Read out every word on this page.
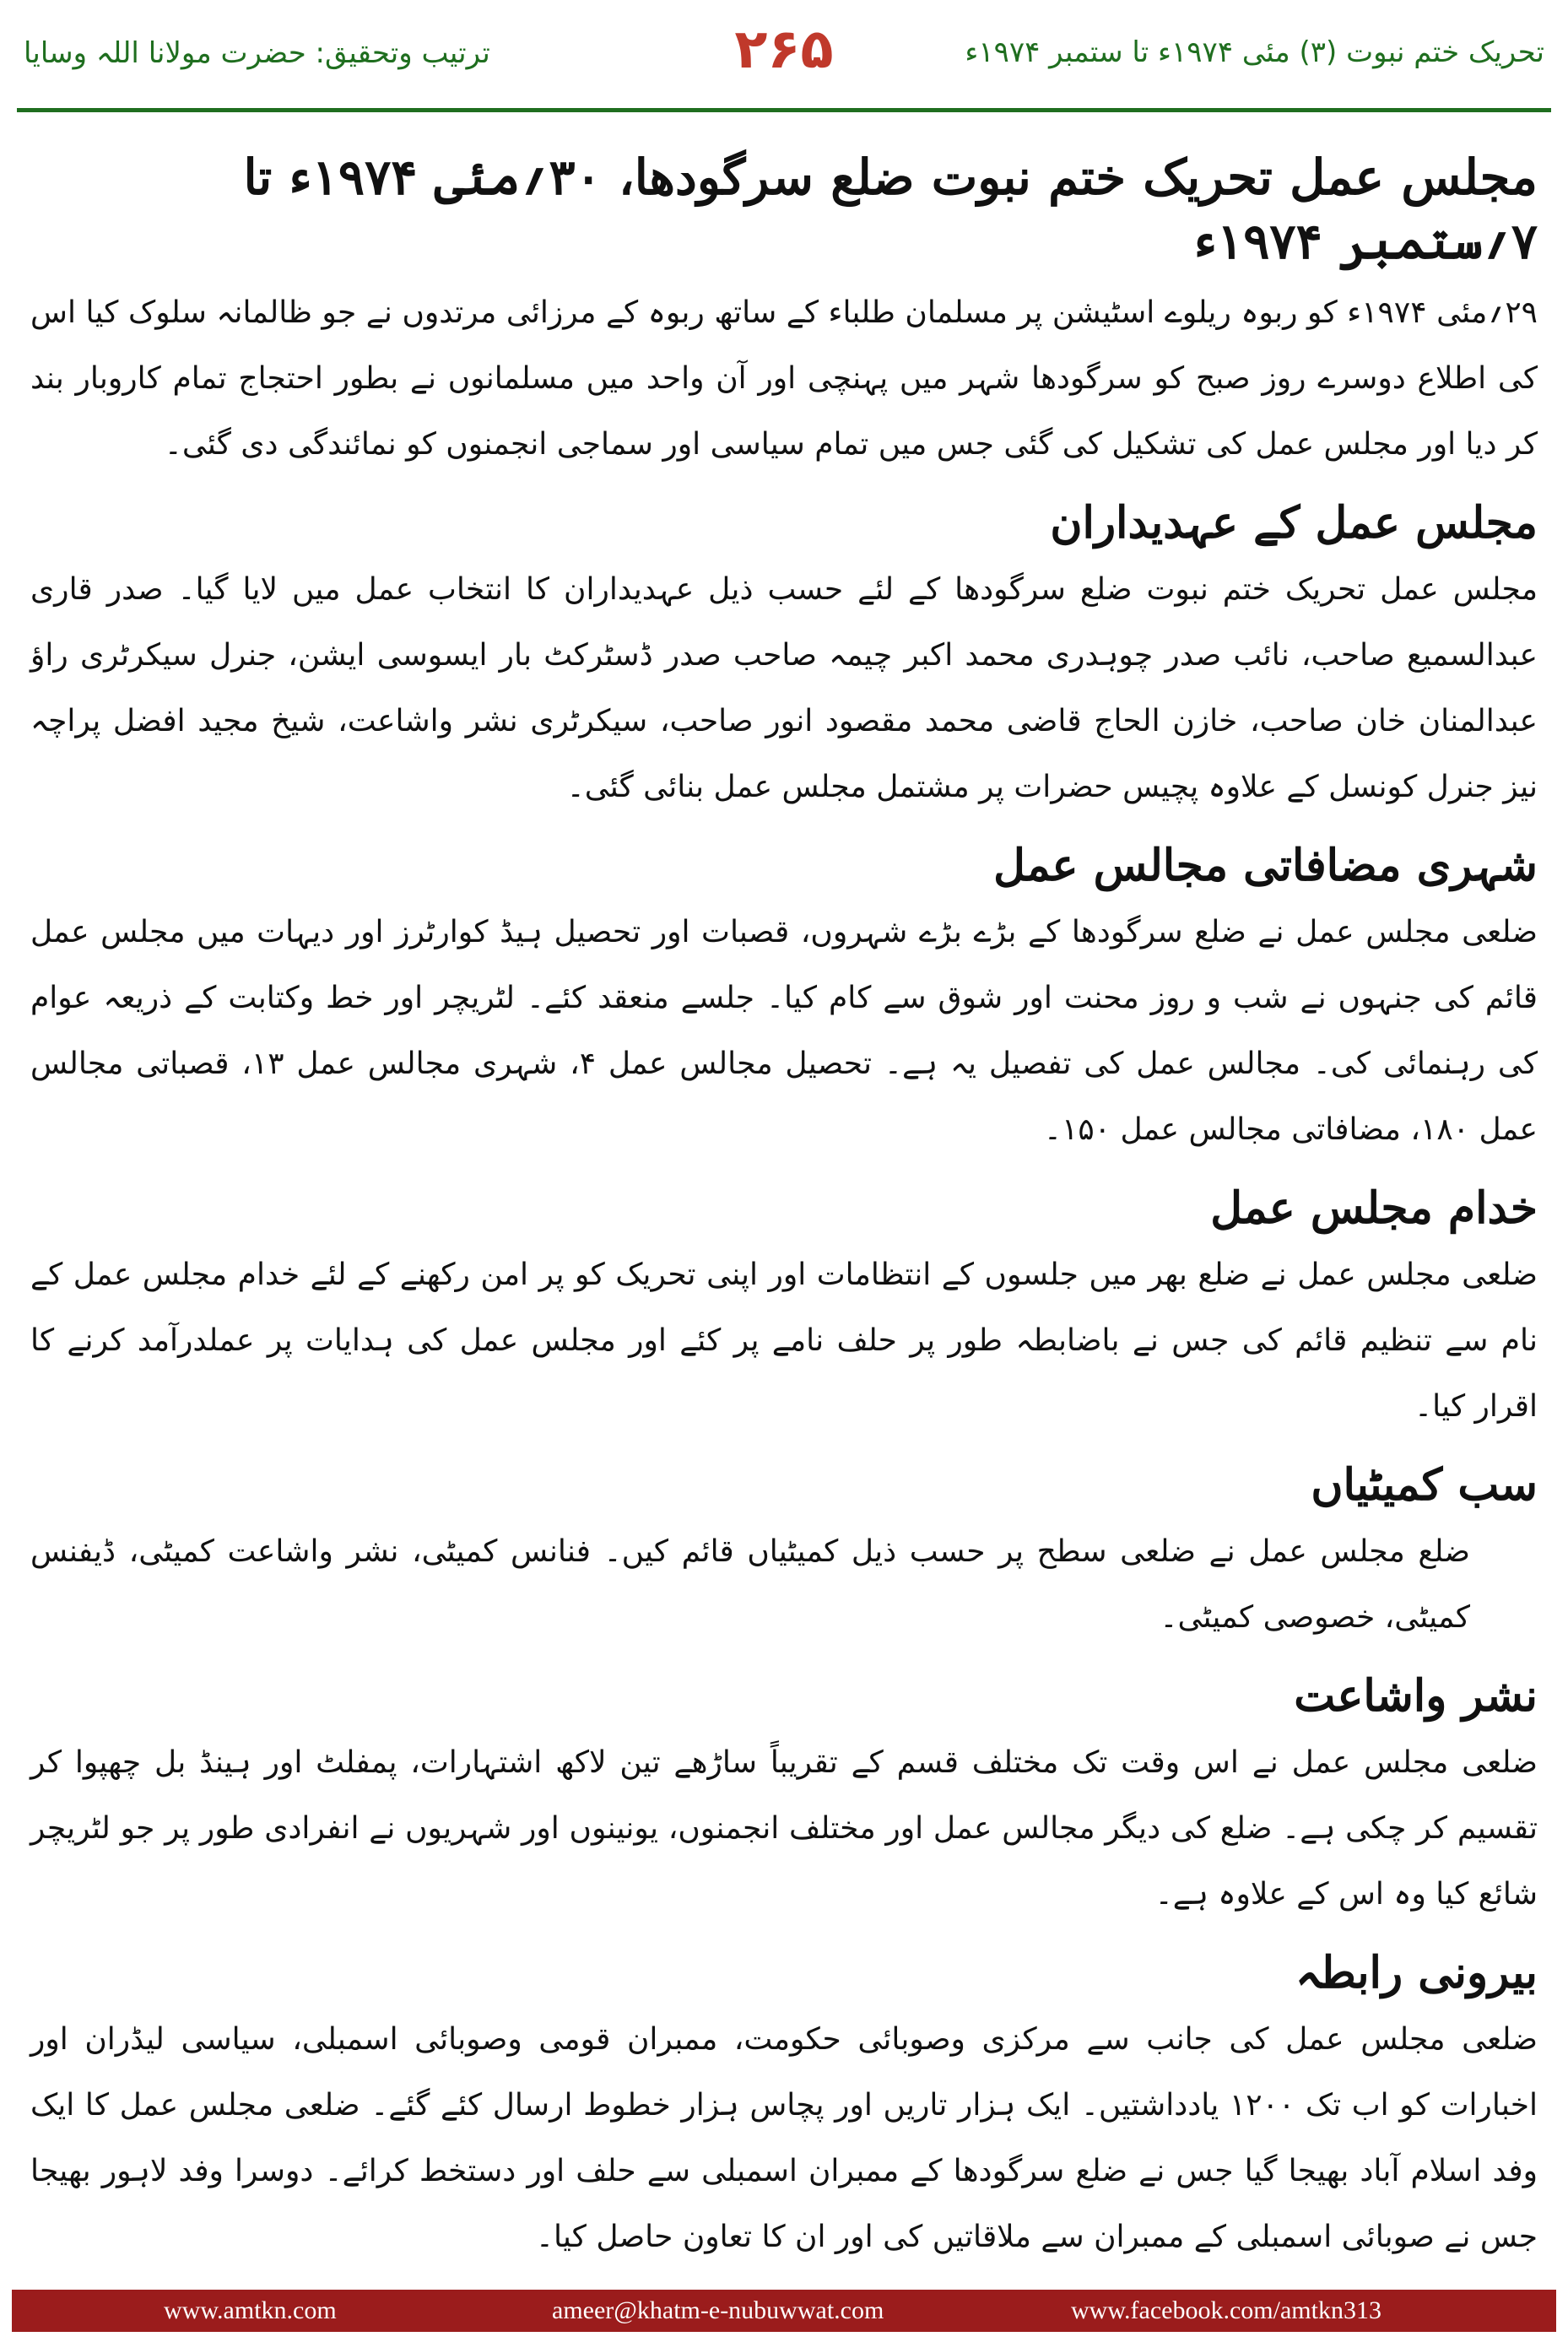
ترتیب وتحقیق: حضرت مولانا اللہ وسایا	۲۶۵	تحریک ختم نبوت (۳) مئی ۱۹۷۴ء تا ستمبر ۱۹۷۴ء
مجلس عمل تحریک ختم نبوت ضلع سرگودھا، ۳۰؍مئی ۱۹۷۴ء تا ۷؍ستمبر ۱۹۷۴ء

۲۹؍مئی ۱۹۷۴ء کو ربوہ ریلوے اسٹیشن پر مسلمان طلباء کے ساتھ ربوہ کے مرزائی مرتدوں نے جو ظالمانہ سلوک کیا اس کی اطلاع دوسرے روز صبح کو سرگودھا شہر میں پہنچی اور آن واحد میں مسلمانوں نے بطور احتجاج تمام کاروبار بند کر دیا اور مجلس عمل کی تشکیل کی گئی جس میں تمام سیاسی اور سماجی انجمنوں کو نمائندگی دی گئی۔

مجلس عمل کے عہدیداران

مجلس عمل تحریک ختم نبوت ضلع سرگودھا کے لئے حسب ذیل عہدیداران کا انتخاب عمل میں لایا گیا۔ صدر قاری عبدالسمیع صاحب، نائب صدر چوہدری محمد اکبر چیمہ صاحب صدر ڈسٹرکٹ بار ایسوسی ایشن، جنرل سیکرٹری راؤ عبدالمنان خان صاحب، خازن الحاج قاضی محمد مقصود انور صاحب، سیکرٹری نشر واشاعت، شیخ مجید افضل پراچہ نیز جنرل کونسل کے علاوہ پچیس حضرات پر مشتمل مجلس عمل بنائی گئی۔

شہری مضافاتی مجالس عمل

ضلعی مجلس عمل نے ضلع سرگودھا کے بڑے بڑے شہروں، قصبات اور تحصیل ہیڈ کوارٹرز اور دیہات میں مجلس عمل قائم کی جنہوں نے شب و روز محنت اور شوق سے کام کیا۔ جلسے منعقد کئے۔ لٹریچر اور خط وکتابت کے ذریعہ عوام کی رہنمائی کی۔ مجالس عمل کی تفصیل یہ ہے۔ تحصیل مجالس عمل ۴، شہری مجالس عمل ۱۳، قصباتی مجالس عمل ۱۸۰، مضافاتی مجالس عمل ۱۵۰۔

خدام مجلس عمل

ضلعی مجلس عمل نے ضلع بھر میں جلسوں کے انتظامات اور اپنی تحریک کو پر امن رکھنے کے لئے خدام مجلس عمل کے نام سے تنظیم قائم کی جس نے باضابطہ طور پر حلف نامے پر کئے اور مجلس عمل کی ہدایات پر عملدرآمد کرنے کا اقرار کیا۔

سب کمیٹیاں

ضلع مجلس عمل نے ضلعی سطح پر حسب ذیل کمیٹیاں قائم کیں۔ فنانس کمیٹی، نشر واشاعت کمیٹی، ڈیفنس کمیٹی، خصوصی کمیٹی۔

نشر واشاعت

ضلعی مجلس عمل نے اس وقت تک مختلف قسم کے تقریباً ساڑھے تین لاکھ اشتہارات، پمفلٹ اور ہینڈ بل چھپوا کر تقسیم کر چکی ہے۔ ضلع کی دیگر مجالس عمل اور مختلف انجمنوں، یونینوں اور شہریوں نے انفرادی طور پر جو لٹریچر شائع کیا وہ اس کے علاوہ ہے۔

بیرونی رابطہ

ضلعی مجلس عمل کی جانب سے مرکزی وصوبائی حکومت، ممبران قومی وصوبائی اسمبلی، سیاسی لیڈران اور اخبارات کو اب تک ۱۲۰۰ یادداشتیں۔ ایک ہزار تاریں اور پچاس ہزار خطوط ارسال کئے گئے۔ ضلعی مجلس عمل کا ایک وفد اسلام آباد بھیجا گیا جس نے ضلع سرگودھا کے ممبران اسمبلی سے حلف اور دستخط کرائے۔ دوسرا وفد لاہور بھیجا جس نے صوبائی اسمبلی کے ممبران سے ملاقاتیں کی اور ان کا تعاون حاصل کیا۔

www.amtkn.com	ameer@khatm-e-nubuwwat.com	www.facebook.com/amtkn313
